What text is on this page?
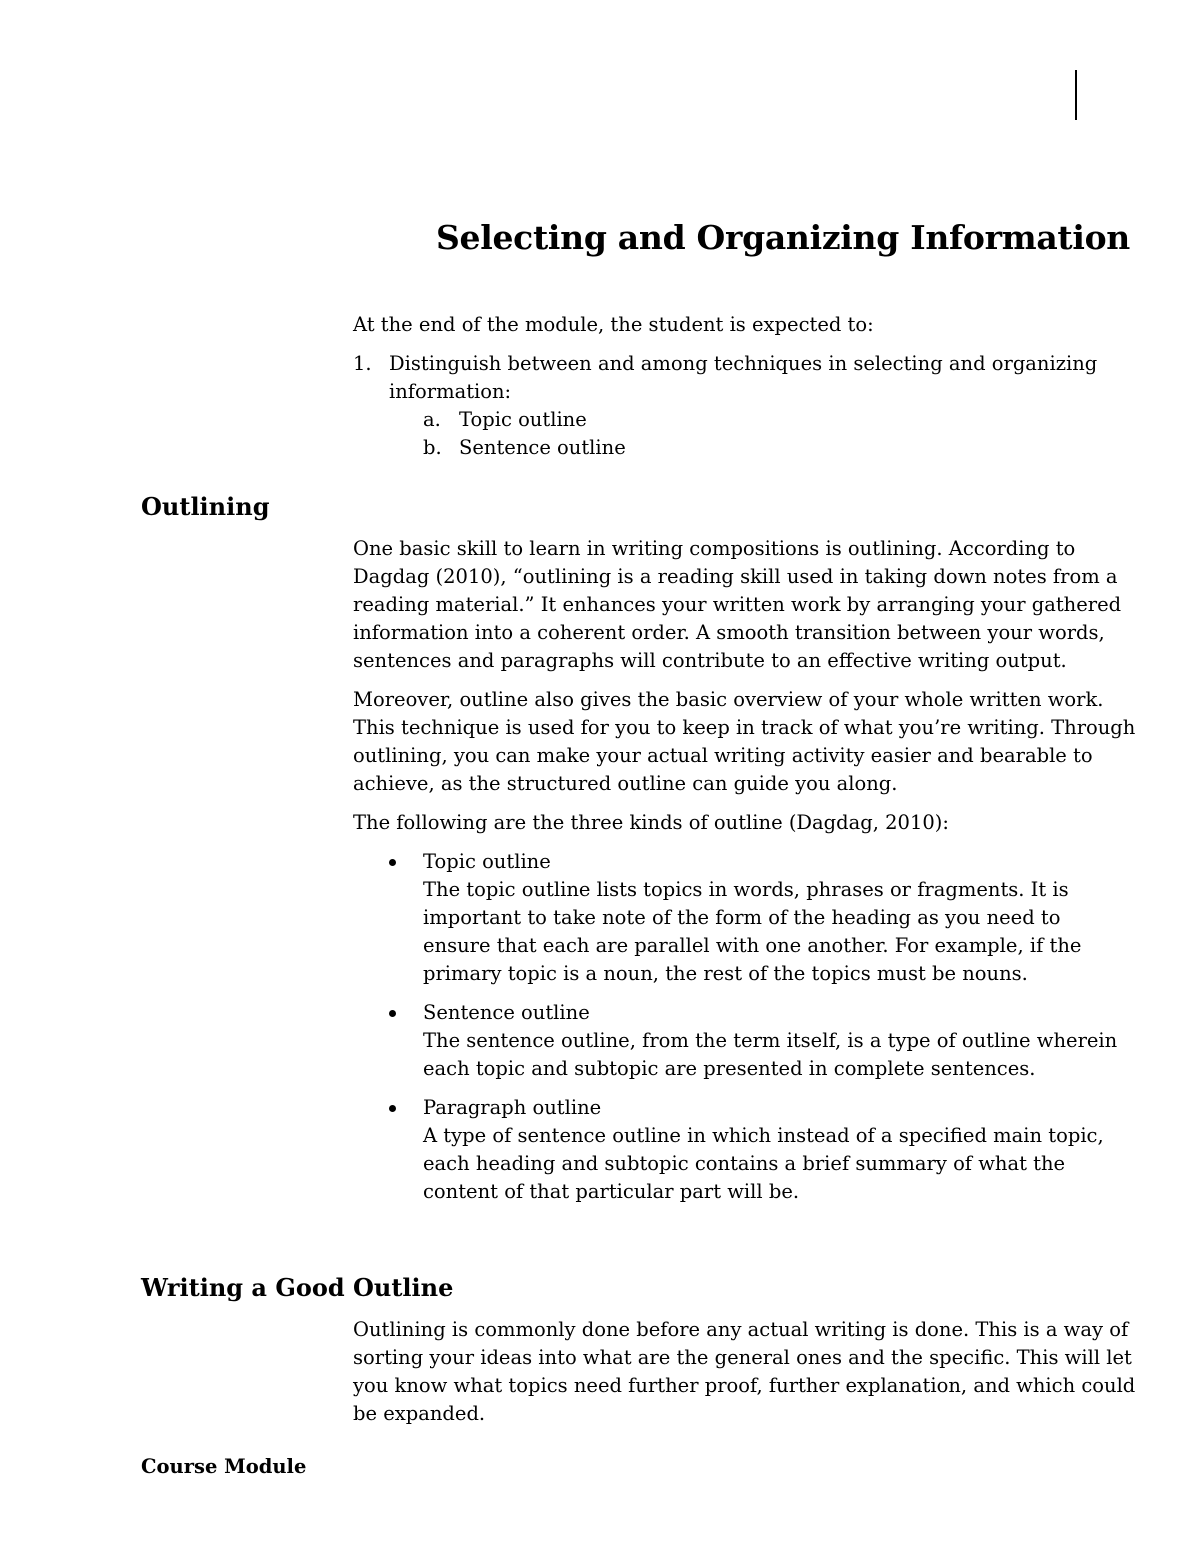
Selecting and Organizing Information

At the end of the module, the student is expected to:

1. Distinguish between and among techniques in selecting and organizing information:
a. Topic outline
b. Sentence outline
Outlining

One basic skill to learn in writing compositions is outlining. According to Dagdag (2010), “outlining is a reading skill used in taking down notes from a reading material.” It enhances your written work by arranging your gathered information into a coherent order. A smooth transition between your words, sentences and paragraphs will contribute to an effective writing output.

Moreover, outline also gives the basic overview of your whole written work. This technique is used for you to keep in track of what you’re writing. Through outlining, you can make your actual writing activity easier and bearable to achieve, as the structured outline can guide you along.

The following are the three kinds of outline (Dagdag, 2010):

Topic outline

The topic outline lists topics in words, phrases or fragments. It is important to take note of the form of the heading as you need to ensure that each are parallel with one another. For example, if the primary topic is a noun, the rest of the topics must be nouns.

Sentence outline

The sentence outline, from the term itself, is a type of outline wherein each topic and subtopic are presented in complete sentences.

Paragraph outline

A type of sentence outline in which instead of a specified main topic, each heading and subtopic contains a brief summary of what the content of that particular part will be.

Writing a Good Outline

Outlining is commonly done before any actual writing is done. This is a way of sorting your ideas into what are the general ones and the specific. This will let you know what topics need further proof, further explanation, and which could be expanded.

Course Module
